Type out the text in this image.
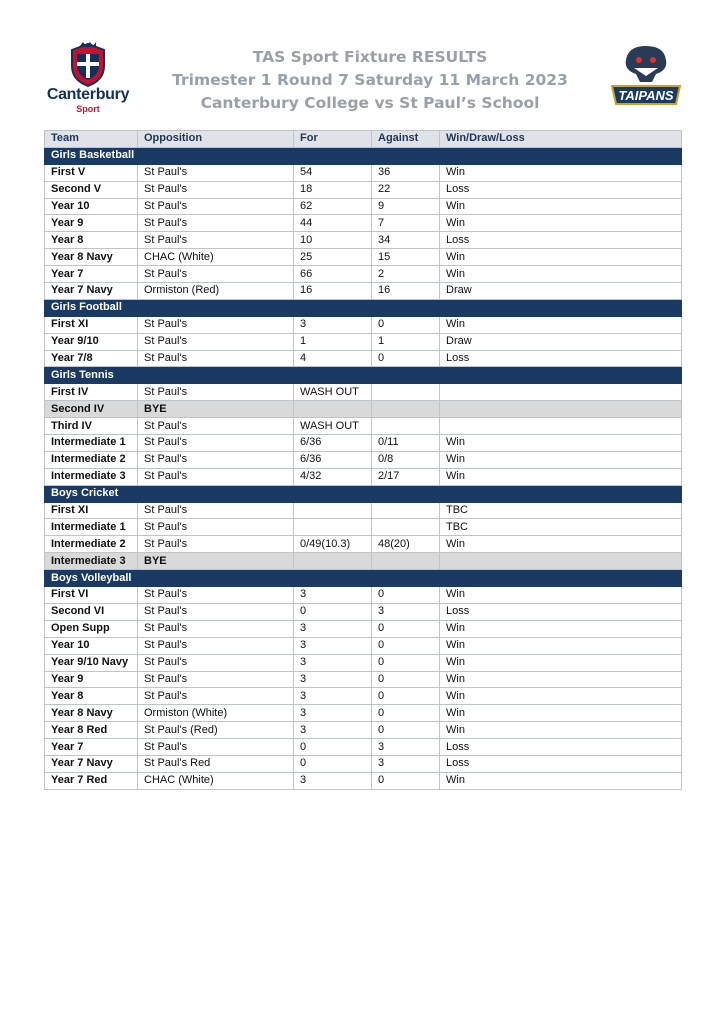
Canterbury
Sport
TAS Sport Fixture RESULTS
Trimester 1 Round 7 Saturday 11 March 2023
Canterbury College vs St Paul’s School	TAIPANS
Team	Opposition	For	Against	Win/Draw/Loss
Girls Basketball				
First V	St Paul's	54	36	Win
Second V	St Paul's	18	22	Loss
Year 10	St Paul's	62	9	Win
Year 9	St Paul's	44	7	Win
Year 8	St Paul's	10	34	Loss
Year 8 Navy	CHAC (White)	25	15	Win
Year 7	St Paul's	66	2	Win
Year 7 Navy	Ormiston (Red)	16	16	Draw
Girls Football				
First XI	St Paul's	3	0	Win
Year 9/10	St Paul's	1	1	Draw
Year 7/8	St Paul's	4	0	Loss
Girls Tennis				
First IV	St Paul's	WASH OUT		
Second IV	BYE			
Third IV	St Paul's	WASH OUT		
Intermediate 1	St Paul's	6/36	0/11	Win
Intermediate 2	St Paul's	6/36	0/8	Win
Intermediate 3	St Paul's	4/32	2/17	Win
Boys Cricket				
First XI	St Paul's			TBC
Intermediate 1	St Paul's			TBC
Intermediate 2	St Paul's	0/49(10.3)	48(20)	Win
Intermediate 3	BYE			
Boys Volleyball				
First VI	St Paul's	3	0	Win
Second VI	St Paul's	0	3	Loss
Open Supp	St Paul's	3	0	Win
Year 10	St Paul's	3	0	Win
Year 9/10 Navy	St Paul's	3	0	Win
Year 9	St Paul's	3	0	Win
Year 8	St Paul's	3	0	Win
Year 8 Navy	Ormiston (White)	3	0	Win
Year 8 Red	St Paul's (Red)	3	0	Win
Year 7	St Paul's	0	3	Loss
Year 7 Navy	St Paul's Red	0	3	Loss
Year 7 Red	CHAC (White)	3	0	Win
